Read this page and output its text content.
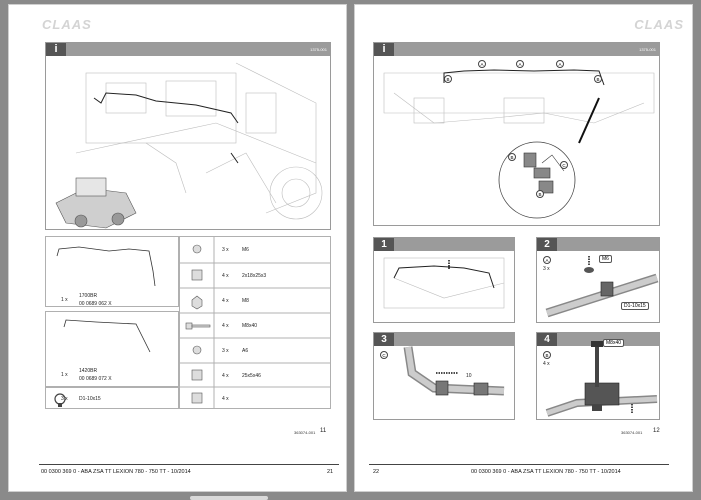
CLAAS
i	1375-001

1 x
1700BR
00 0689 062 X
1 x
1420BR
00 0689 072 X
3 x D1-10x15
3 x	M6
4 x	2x18x25x3
4 x	M8
4 x	M8x40
3 x	A6
4 x	25x5x46
4 x
363074-001 11
00 0300 369 0 - ABA ZSA TT LEXION 780 - 750 TT - 10/2014	21
CLAAS
i	1375-001
A	A	A
B	B
B
C
B
1	2
A
3 x
M6
D1-10x15
3
C
10
4
B
4 x
M8x40
363074-001 12
22	00 0300 369 0 - ABA ZSA TT LEXION 780 - 750 TT - 10/2014
